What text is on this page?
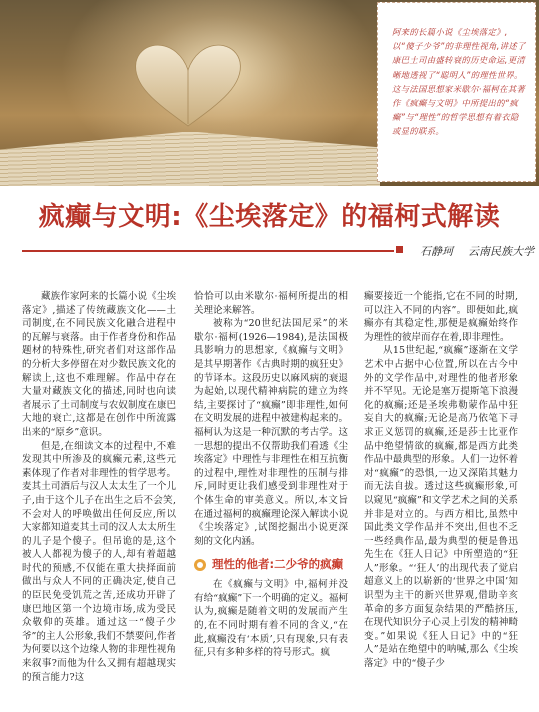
阿来的长篇小说《尘埃落定》,以“傻子少爷”的非理性视角,讲述了康巴土司由盛转衰的历史命运,更清晰地透视了“聪明人”的理性世界。这与法国思想家米歇尔·福柯在其著作《疯癫与文明》中所提出的“疯癫”与“理性”的哲学思想有着衣隐或显的联系。

疯癫与文明:《尘埃落定》的福柯式解读
石静珂 云南民族大学

藏族作家阿来的长篇小说《尘埃落定》,描述了传统藏族文化——土司制度,在不同民族文化融合进程中的瓦解与衰落。由于作者身份和作品题材的特殊性,研究者们对这部作品的分析大多停留在对少数民族文化的解读上,这也不难理解。作品中存在大量对藏族文化的描述,同时也向读者展示了土司制度与农奴制度在康巴大地的衰亡,这都是在创作中所流露出来的“原乡”意识。

但是,在细读文本的过程中,不难发现其中所渗及的疯癫元素,这些元素体现了作者对非理性的哲学思考。麦其土司酒后与汉人太太生了一个儿子,由于这个儿子在出生之后不会笑,不会对人的呼唤做出任何反应,所以大家都知道麦其土司的汉人太太所生的儿子是个傻子。但吊诡的是,这个被人人都视为傻子的人,却有着超越时代的预感,不仅能在重大抉择面前做出与众人不同的正确决定,使自己的臣民免受饥荒之苦,还成功开辟了康巴地区第一个边境市场,成为受民众敬仰的英雄。通过这一“傻子少爷”的主人公形象,我们不禁要问,作者为何要以这个边缘人物的非理性视角来叙事?而他为什么又拥有超越现实的预言能力?这

恰恰可以由米歇尔·福柯所提出的相关理论来解答。

被称为“20世纪法国尼采”的米歇尔·福柯(1926—1984),是法国极具影响力的思想家,《疯癫与文明》是其早期著作《古典时期的疯狂史》的节译本。这段历史以麻风病的衰退为起始,以现代精神病院的建立为终结,主要探讨了“疯癫”即非理性,如何在文明发展的进程中被建构起来的。福柯认为这是一种沉默的考古学。这一思想的提出不仅帮助我们看透《尘埃落定》中理性与非理性在相互抗衡的过程中,理性对非理性的压制与排斥,同时更让我们感受到非理性对于个体生命的审美意义。所以,本文旨在通过福柯的疯癫理论深入解读小说《尘埃落定》,试图挖掘出小说更深刻的文化内涵。

理性的他者:二少爷的疯癫

在《疯癫与文明》中,福柯并没有给“疯癫”下一个明确的定义。福柯认为,疯癫是随着文明的发展而产生的,在不同时期有着不同的含义,“在此,疯癫没有‘本质’,只有现象,只有表征,只有多种多样的符号形式。疯

癫要接近一个能指,它在不同的时期,可以注入不同的内容”。即便如此,疯癫亦有其稳定性,那便是疯癫始终作为理性的彼岸而存在着,即非理性。

从15世纪起,“疯癫”逐渐在文学艺术中占据中心位置,所以在古今中外的文学作品中,对理性的他者形象并不罕见。无论是塞万提斯笔下浪漫化的疯癫;还是圣埃弗勒蒙作品中狂妄自大的疯癫;无论是高乃依笔下寻求正义惩罚的疯癫,还是莎士比亚作品中绝望情欲的疯癫,都是西方此类作品中最典型的形象。人们一边怀着对“疯癫”的恐惧,一边又深陷其魅力而无法自拔。透过这些疯癫形象,可以窥见“疯癫”和文学艺术之间的关系并非是对立的。与西方相比,虽然中国此类文学作品并不突出,但也不乏一些经典作品,最为典型的便是鲁迅先生在《狂人日记》中所塑造的“狂人”形象。“‘狂人’的出现代表了觉启超意义上的以崭新的‘世界之中国’知识型为主干的新兴世界观,借助辛亥革命的多方面复杂结果的严酷挤压,在现代知识分子心灵上引发的精神畸变。”如果说《狂人日记》中的“狂人”是站在绝望中的呐喊,那么《尘埃落定》中的“傻子少
